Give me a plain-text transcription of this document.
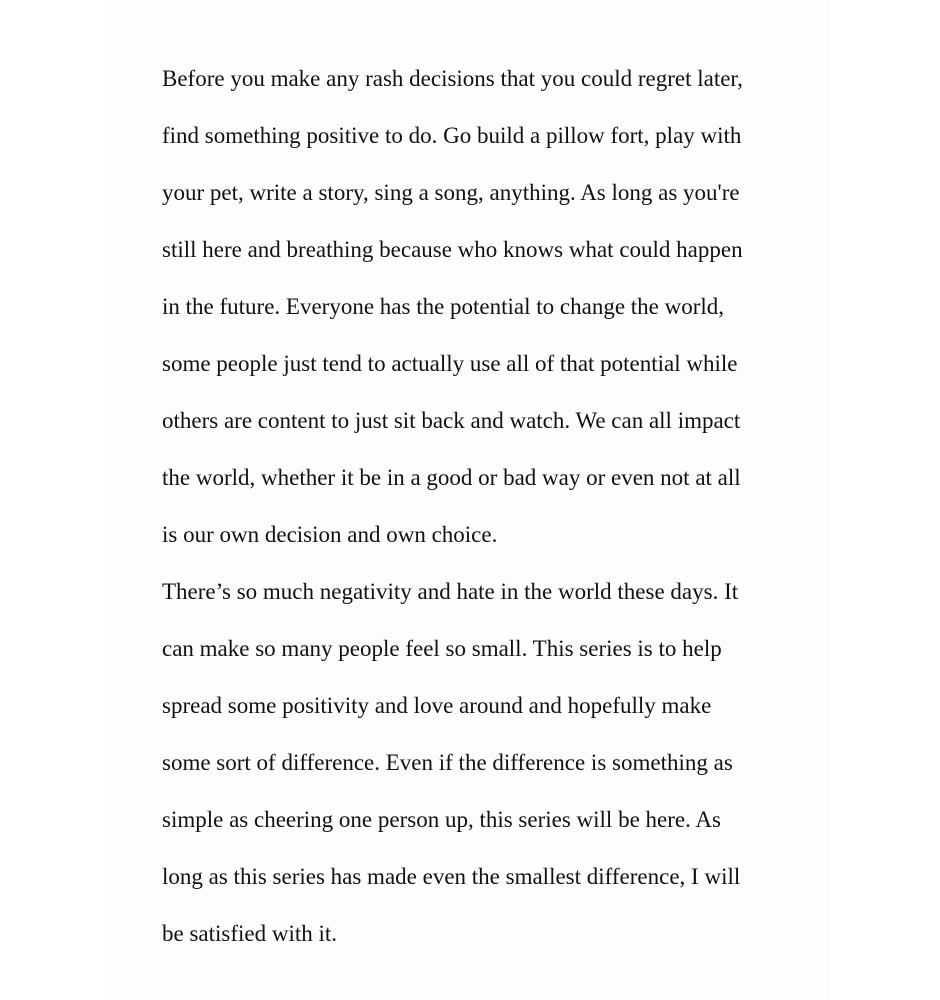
Before you make any rash decisions that you could regret later,
find something positive to do. Go build a pillow fort, play with
your pet, write a story, sing a song, anything. As long as you're
still here and breathing because who knows what could happen
in the future. Everyone has the potential to change the world,
some people just tend to actually use all of that potential while
others are content to just sit back and watch. We can all impact
the world, whether it be in a good or bad way or even not at all
is our own decision and own choice.
There’s so much negativity and hate in the world these days. It
can make so many people feel so small. This series is to help
spread some positivity and love around and hopefully make
some sort of difference. Even if the difference is something as
simple as cheering one person up, this series will be here. As
long as this series has made even the smallest difference, I will
be satisfied with it.
